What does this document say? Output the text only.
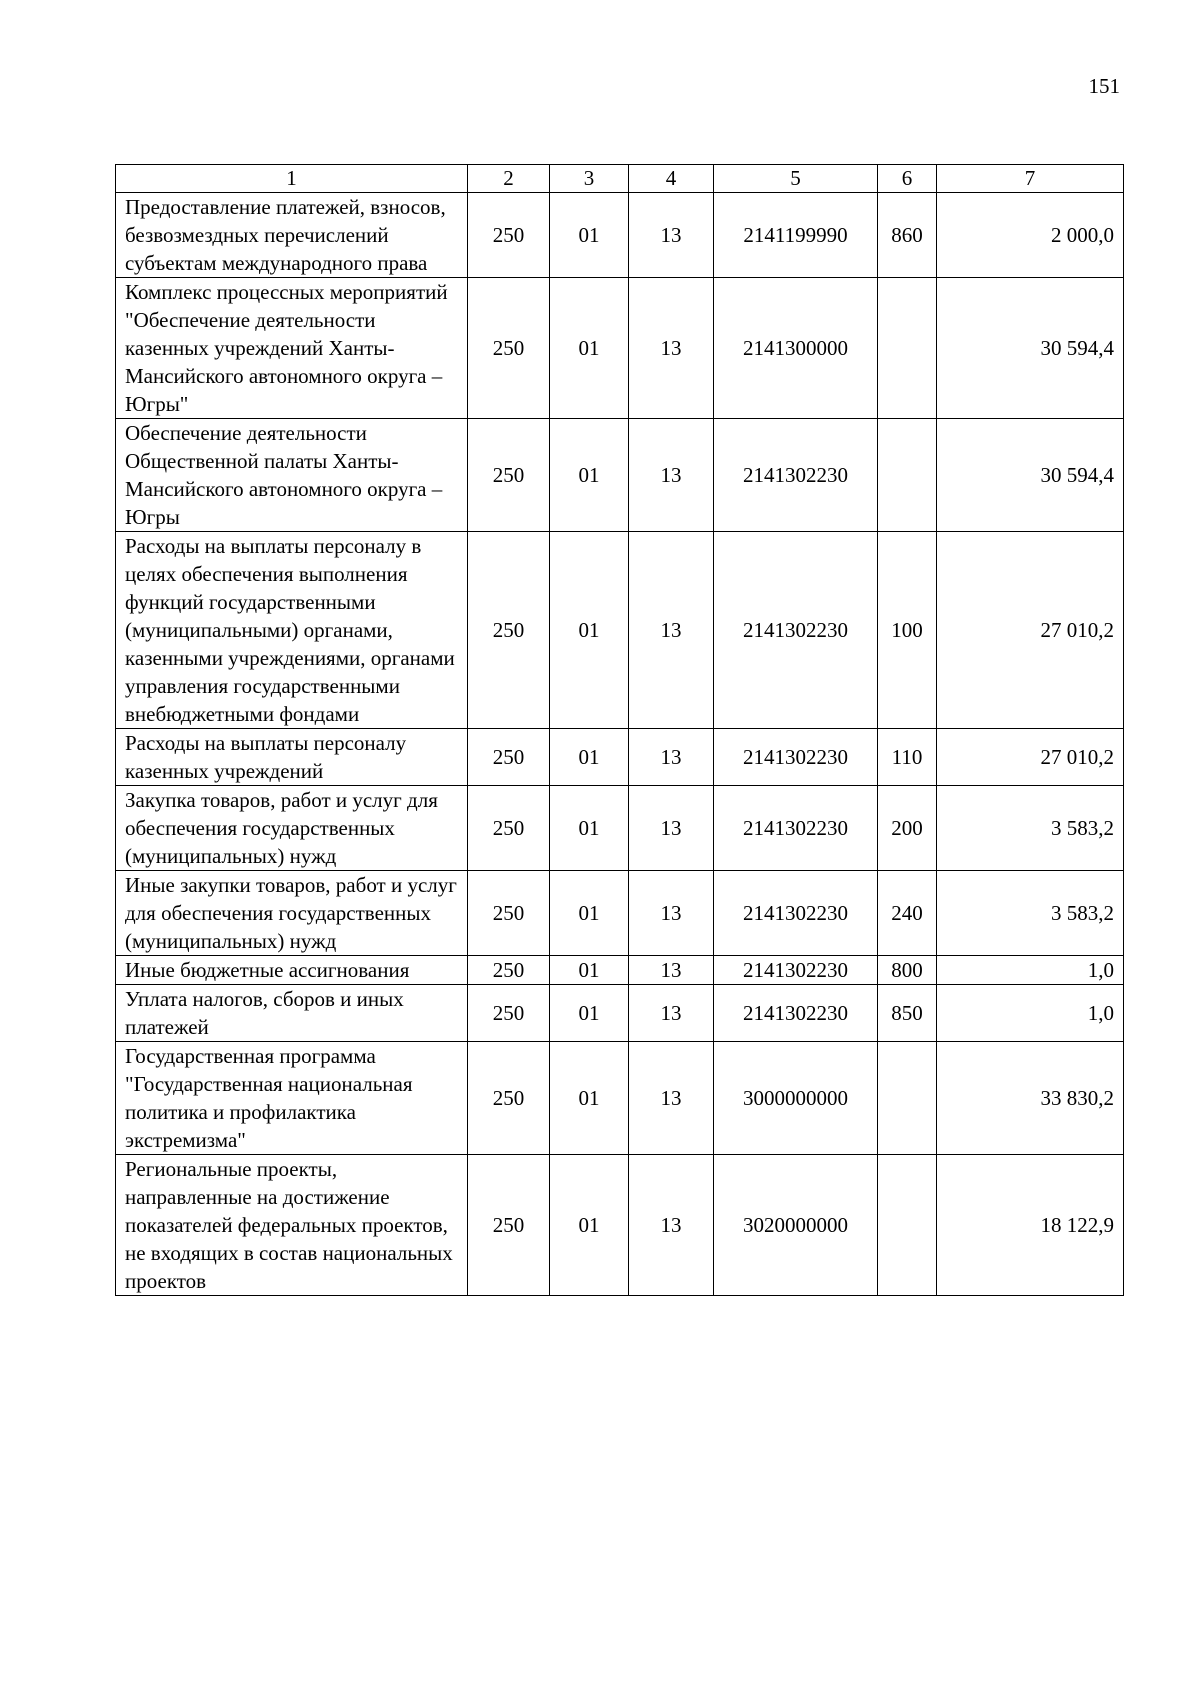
151
1	2	3	4	5	6	7
Предоставление платежей, взносов, безвозмездных перечислений субъектам международного права	250	01	13	2141199990	860	2 000,0
Комплекс процессных мероприятий "Обеспечение деятельности казенных учреждений Ханты-Мансийского автономного округа – Югры"	250	01	13	2141300000		30 594,4
Обеспечение деятельности Общественной палаты Ханты-Мансийского автономного округа – Югры	250	01	13	2141302230		30 594,4
Расходы на выплаты персоналу в целях обеспечения выполнения функций государственными (муниципальными) органами, казенными учреждениями, органами управления государственными внебюджетными фондами	250	01	13	2141302230	100	27 010,2
Расходы на выплаты персоналу казенных учреждений	250	01	13	2141302230	110	27 010,2
Закупка товаров, работ и услуг для обеспечения государственных (муниципальных) нужд	250	01	13	2141302230	200	3 583,2
Иные закупки товаров, работ и услуг для обеспечения государственных (муниципальных) нужд	250	01	13	2141302230	240	3 583,2
Иные бюджетные ассигнования	250	01	13	2141302230	800	1,0
Уплата налогов, сборов и иных платежей	250	01	13	2141302230	850	1,0
Государственная программа "Государственная национальная политика и профилактика экстремизма"	250	01	13	3000000000		33 830,2
Региональные проекты, направленные на достижение показателей федеральных проектов, не входящих в состав национальных проектов	250	01	13	3020000000		18 122,9
